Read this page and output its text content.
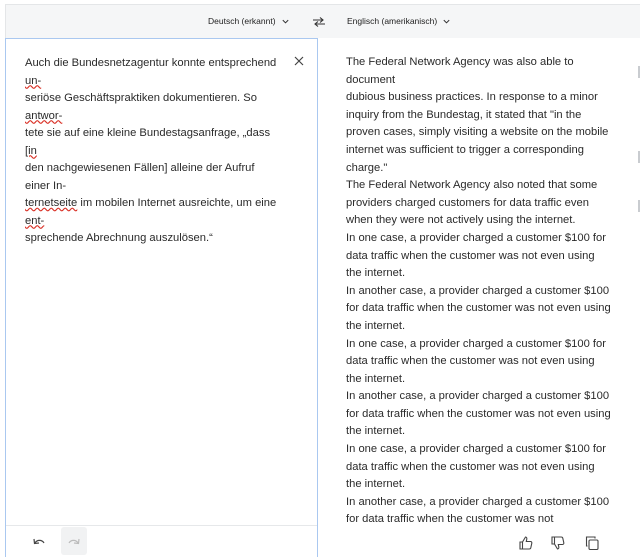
Deutsch (erkannt)	Englisch (amerikanisch)
Auch die Bundesnetzagentur konnte entsprechend
un-
seriöse Geschäftspraktiken dokumentieren. So
antwor-
tete sie auf eine kleine Bundestagsanfrage, „dass
[in
den nachgewiesenen Fällen] alleine der Aufruf
einer In-
ternetseite im mobilen Internet ausreichte, um eine
ent-
sprechende Abrechnung auszulösen.“
The Federal Network Agency was also able to document
dubious business practices. In response to a minor inquiry from the Bundestag, it stated that "in the proven cases, simply visiting a website on the mobile internet was sufficient to trigger a corresponding charge."
The Federal Network Agency also noted that some providers charged customers for data traffic even when they were not actively using the internet.
In one case, a provider charged a customer $100 for data traffic when the customer was not even using the internet.
In another case, a provider charged a customer $100 for data traffic when the customer was not even using the internet.
In one case, a provider charged a customer $100 for data traffic when the customer was not even using the internet.
In another case, a provider charged a customer $100 for data traffic when the customer was not even using the internet.
In one case, a provider charged a customer $100 for data traffic when the customer was not even using the internet.
In another case, a provider charged a customer $100 for data traffic when the customer was not
